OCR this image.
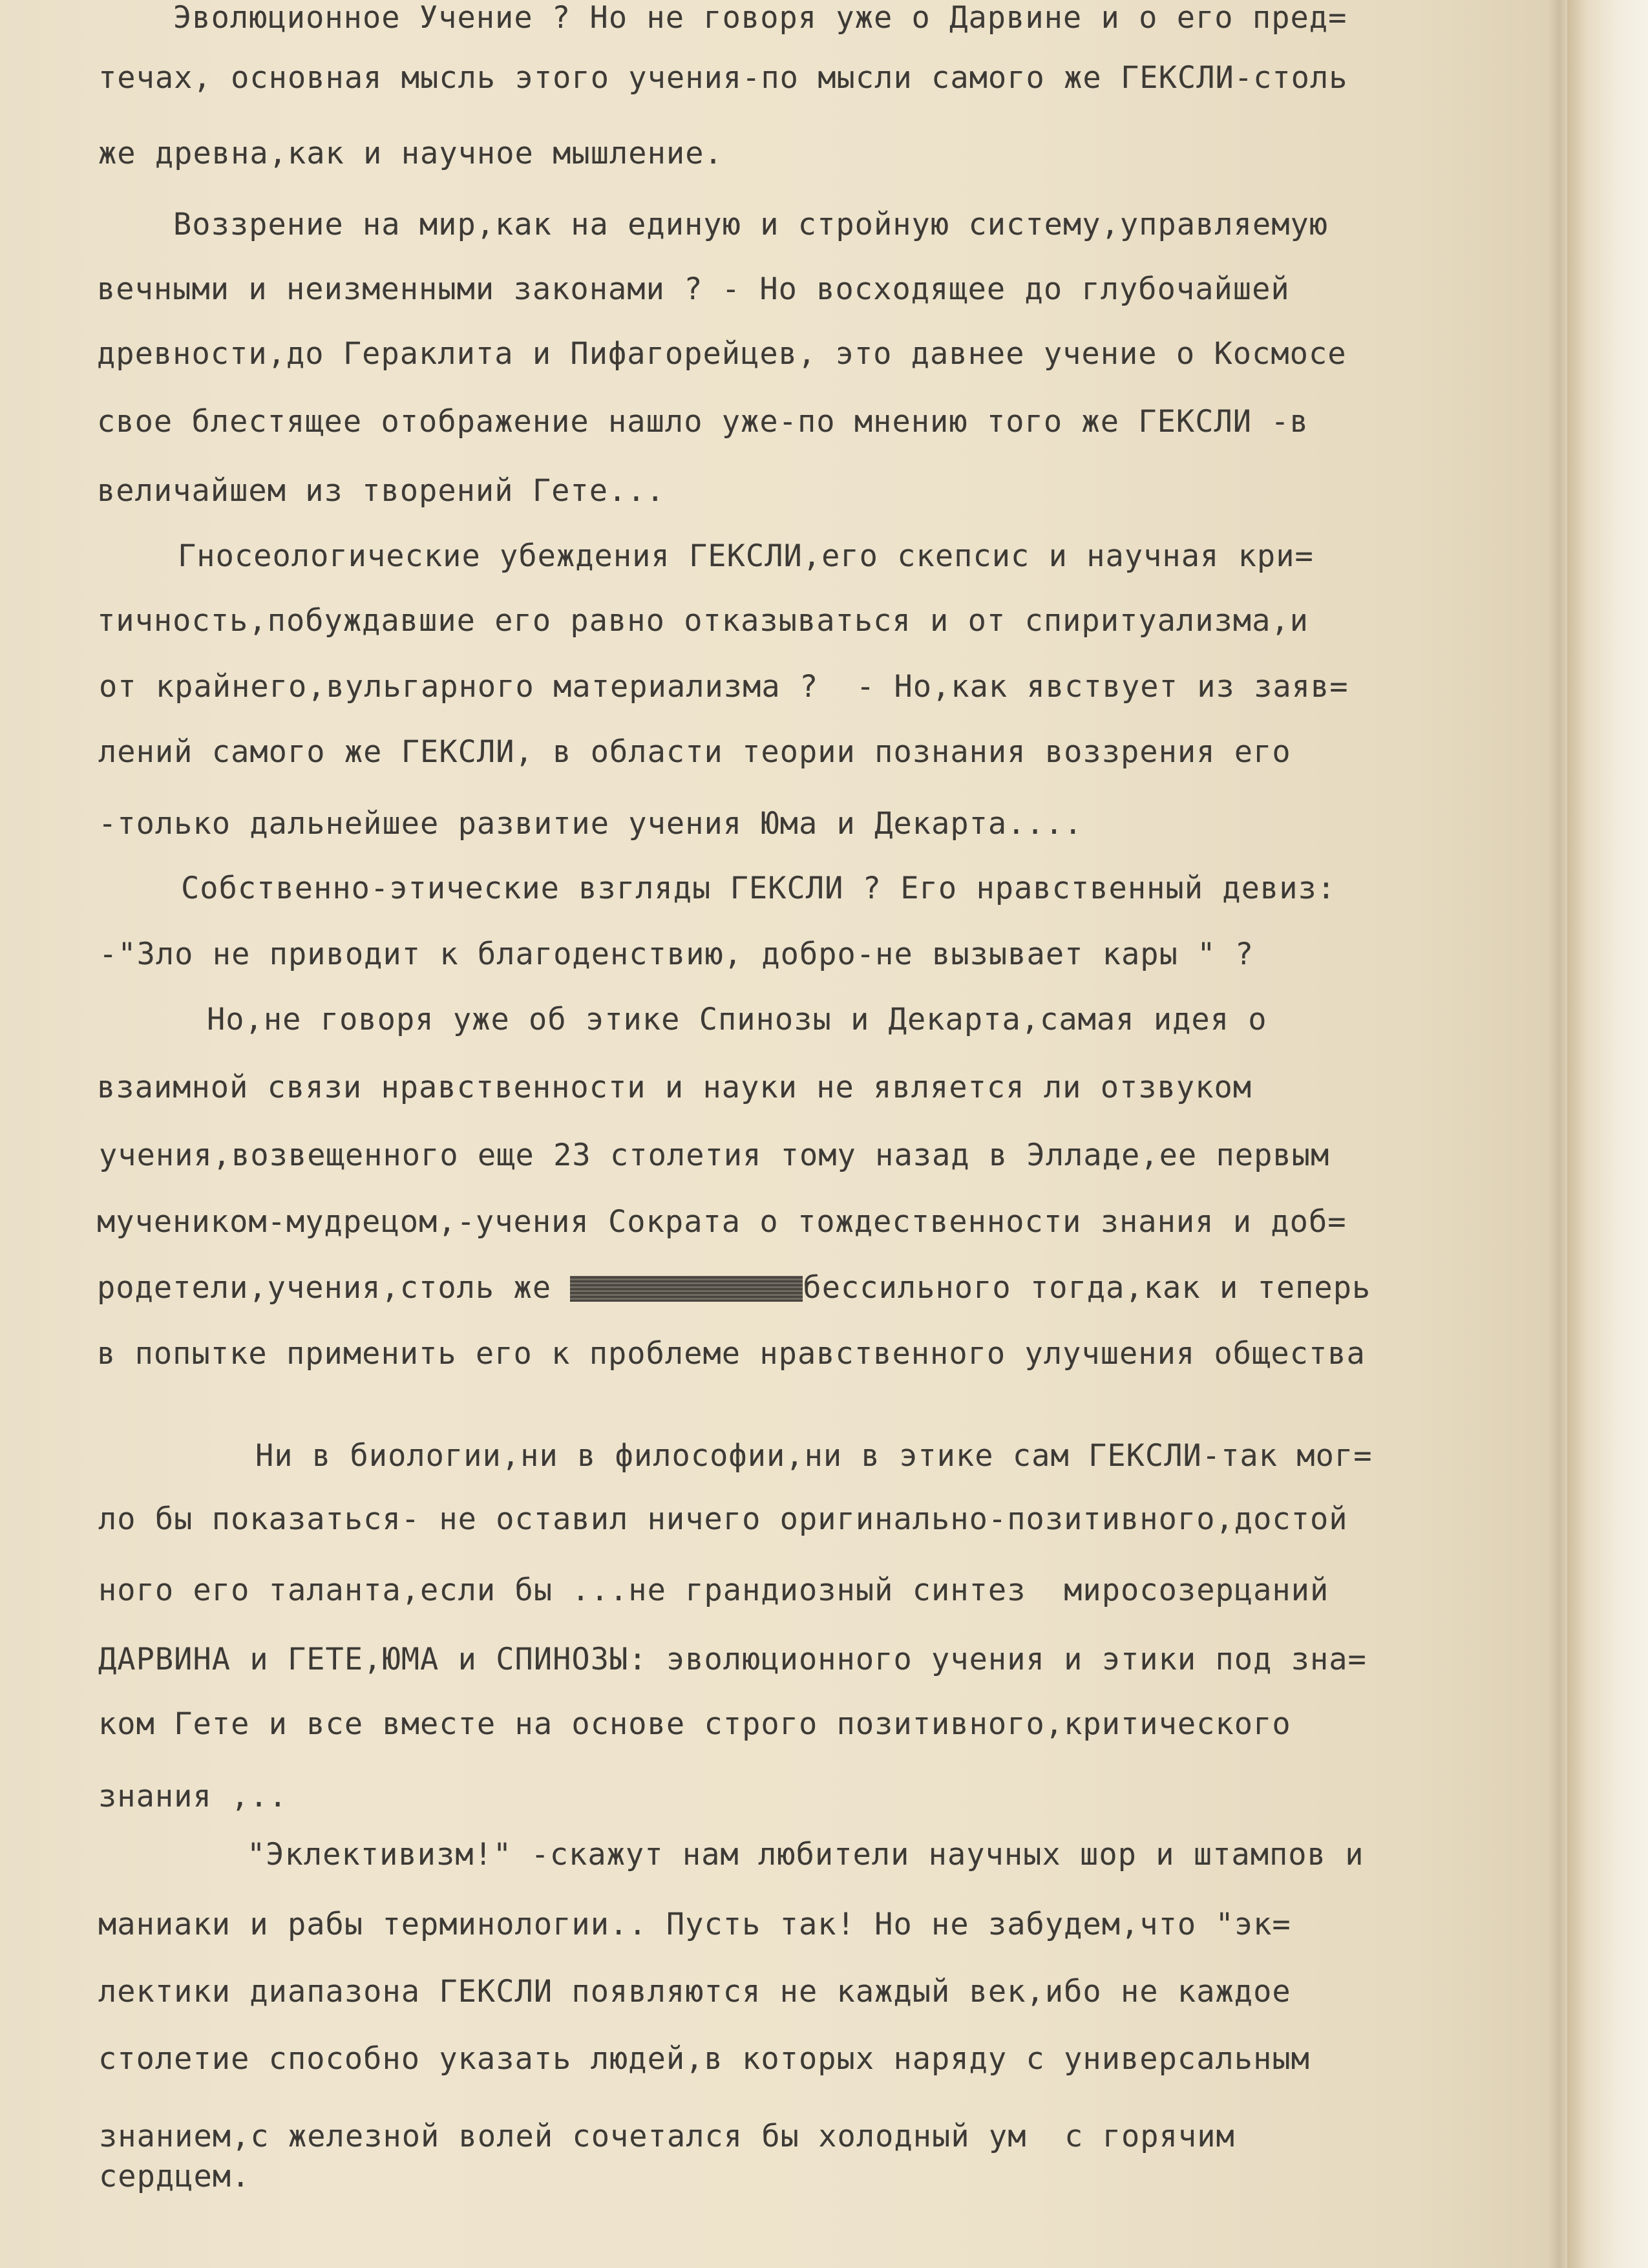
Эволюционное Учение ? Но не говоря уже о Дарвине и о его пред=

течах, основная мысль этого учения-по мысли самого же ГЕКСЛИ-столь

же древна,как и научное мышление.

Воззрение на мир,как на единую и стройную систему,управляемую

вечными и неизменными законами ? - Но восходящее до глубочайшей

древности,до Гераклита и Пифагорейцев, это давнее учение о Космосе

свое блестящее отображение нашло уже-по мнению того же ГЕКСЛИ -в

величайшем из творений Гете...

Гносеологические убеждения ГЕКСЛИ,его скепсис и научная кри=

тичность,побуждавшие его равно отказываться и от спиритуализма,и

от крайнего,вульгарного материализма ?  - Но,как явствует из заяв=

лений самого же ГЕКСЛИ, в области теории познания воззрения его

-только дальнейшее развитие учения Юма и Декарта....

Собственно-этические взгляды ГЕКСЛИ ? Его нравственный девиз:

-"Зло не приводит к благоденствию, добро-не вызывает кары " ?

Но,не говоря уже об этике Спинозы и Декарта,самая идея о

взаимной связи нравственности и науки не является ли отзвуком

учения,возвещенного еще 23 столетия тому назад в Элладе,ее первым

мучеником-мудрецом,-учения Сократа о тождественности знания и доб=

родетели,учения,столь же	бессильного тогда,как и теперь

в попытке применить его к проблеме нравственного улучшения общества

Ни в биологии,ни в философии,ни в этике сам ГЕКСЛИ-так мог=

ло бы показаться- не оставил ничего оригинально-позитивного,достой

ного его таланта,если бы ...не грандиозный синтез  миросозерцаний

ДАРВИНА и ГЕТЕ,ЮМА и СПИНОЗЫ: эволюционного учения и этики под зна=

ком Гете и все вместе на основе строго позитивного,критического

знания ,..

"Эклективизм!" -скажут нам любители научных шор и штампов и

маниаки и рабы терминологии.. Пусть так! Но не забудем,что "эк=

лектики диапазона ГЕКСЛИ появляются не каждый век,ибо не каждое

столетие способно указать людей,в которых наряду с универсальным

знанием,с железной волей сочетался бы холодный ум  с горячим

сердцем.
